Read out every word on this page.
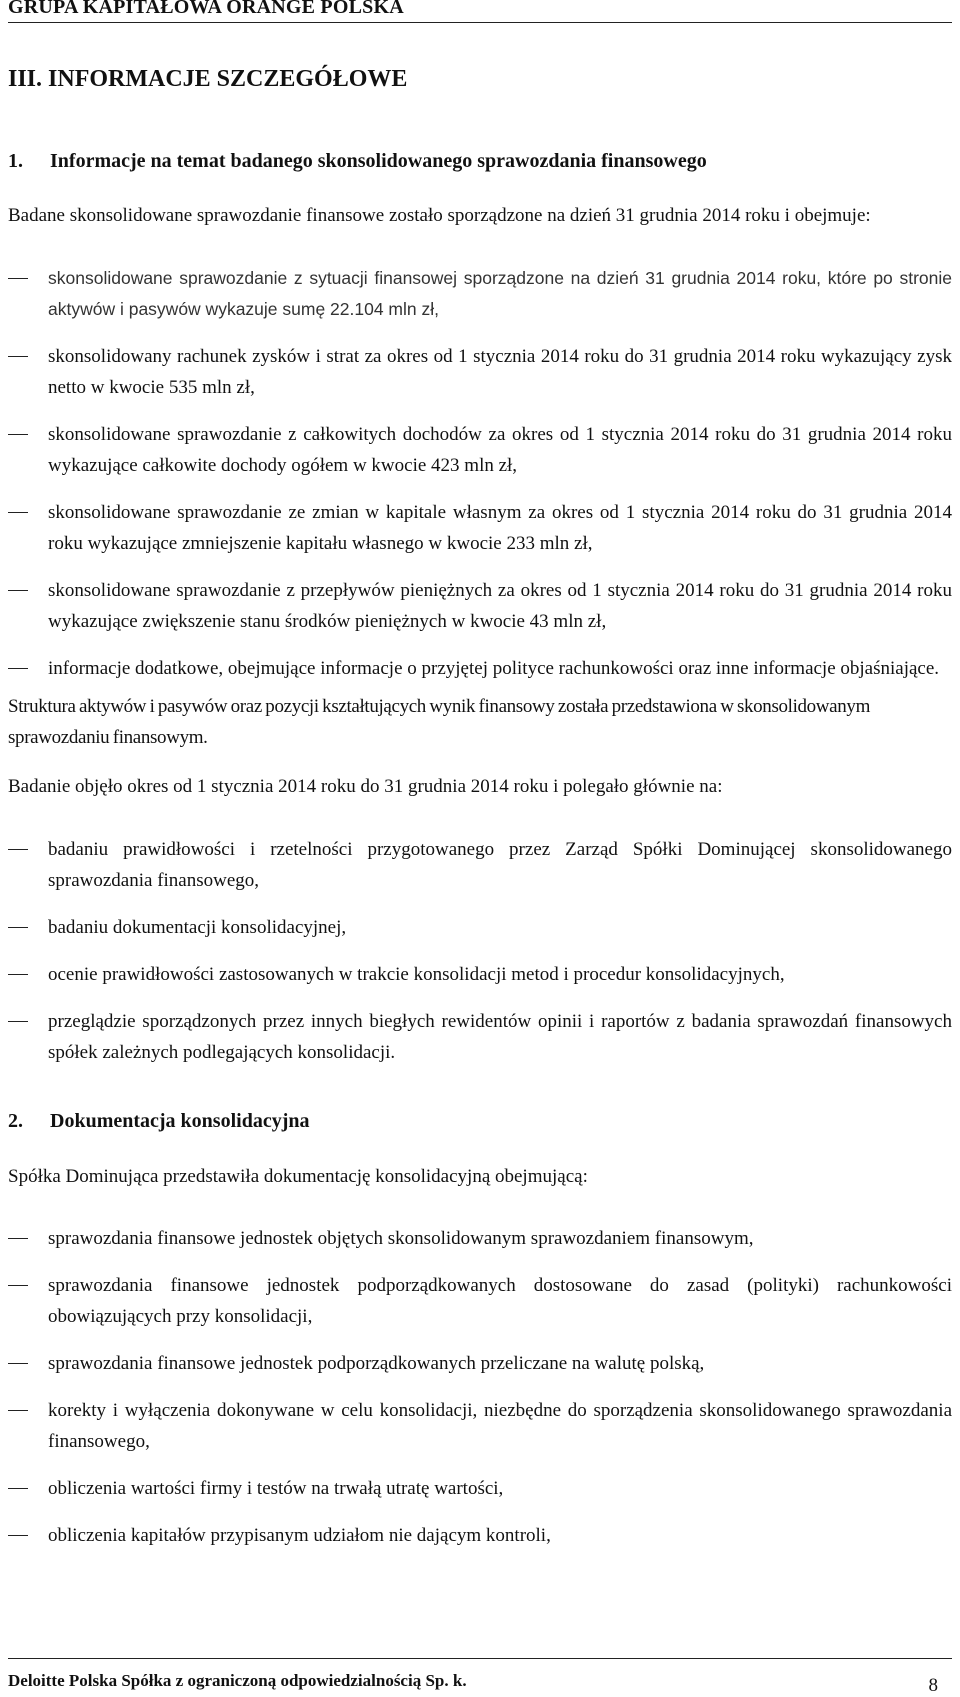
GRUPA KAPITAŁOWA ORANGE POLSKA
III. INFORMACJE SZCZEGÓŁOWE
1. Informacje na temat badanego skonsolidowanego sprawozdania finansowego

Badane skonsolidowane sprawozdanie finansowe zostało sporządzone na dzień 31 grudnia 2014 roku i obejmuje:

skonsolidowane sprawozdanie z sytuacji finansowej sporządzone na dzień 31 grudnia 2014 roku, które po stronie aktywów i pasywów wykazuje sumę 22.104 mln zł,
skonsolidowany rachunek zysków i strat za okres od 1 stycznia 2014 roku do 31 grudnia 2014 roku wykazujący zysk netto w kwocie 535 mln zł,
skonsolidowane sprawozdanie z całkowitych dochodów za okres od 1 stycznia 2014 roku do 31 grudnia 2014 roku wykazujące całkowite dochody ogółem w kwocie 423 mln zł,
skonsolidowane sprawozdanie ze zmian w kapitale własnym za okres od 1 stycznia 2014 roku do 31 grudnia 2014 roku wykazujące zmniejszenie kapitału własnego w kwocie 233 mln zł,
skonsolidowane sprawozdanie z przepływów pieniężnych za okres od 1 stycznia 2014 roku do 31 grudnia 2014 roku wykazujące zwiększenie stanu środków pieniężnych w kwocie 43 mln zł,
informacje dodatkowe, obejmujące informacje o przyjętej polityce rachunkowości oraz inne informacje objaśniające.

Struktura aktywów i pasywów oraz pozycji kształtujących wynik finansowy została przedstawiona w skonsolidowanym sprawozdaniu finansowym.

Badanie objęło okres od 1 stycznia 2014 roku do 31 grudnia 2014 roku i polegało głównie na:

badaniu prawidłowości i rzetelności przygotowanego przez Zarząd Spółki Dominującej skonsolidowanego sprawozdania finansowego,
badaniu dokumentacji konsolidacyjnej,
ocenie prawidłowości zastosowanych w trakcie konsolidacji metod i procedur konsolidacyjnych,
przeglądzie sporządzonych przez innych biegłych rewidentów opinii i raportów z badania sprawozdań finansowych spółek zależnych podlegających konsolidacji.
2. Dokumentacja konsolidacyjna

Spółka Dominująca przedstawiła dokumentację konsolidacyjną obejmującą:

sprawozdania finansowe jednostek objętych skonsolidowanym sprawozdaniem finansowym,
sprawozdania finansowe jednostek podporządkowanych dostosowane do zasad (polityki) rachunkowości obowiązujących przy konsolidacji,
sprawozdania finansowe jednostek podporządkowanych przeliczane na walutę polską,
korekty i wyłączenia dokonywane w celu konsolidacji, niezbędne do sporządzenia skonsolidowanego sprawozdania finansowego,
obliczenia wartości firmy i testów na trwałą utratę wartości,
obliczenia kapitałów przypisanym udziałom nie dającym kontroli,
Deloitte Polska Spółka z ograniczoną odpowiedzialnością Sp. k.	8
